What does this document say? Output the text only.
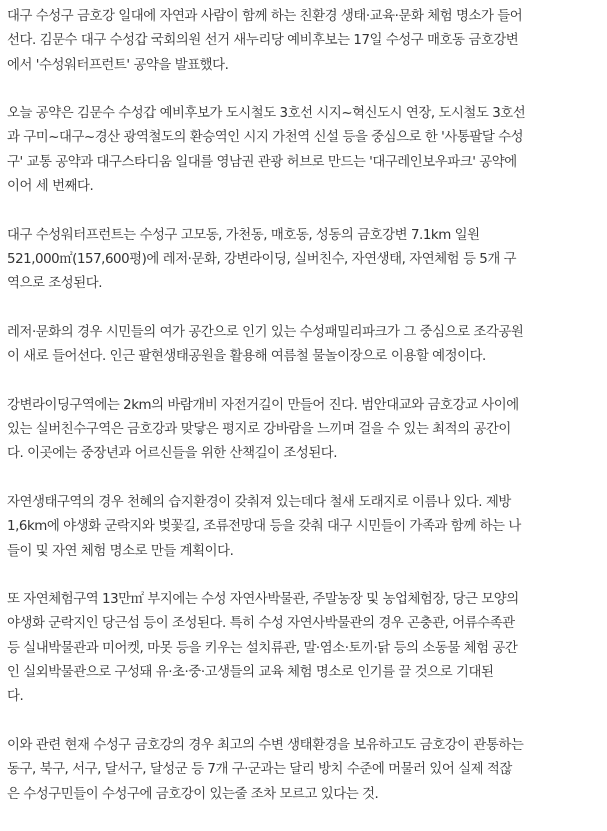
대구 수성구 금호강 일대에 자연과 사람이 함께 하는 친환경 생태·교육·문화 체험 명소가 들어
선다. 김문수 대구 수성갑 국회의원 선거 새누리당 예비후보는 17일 수성구 매호동 금호강변
에서 '수성워터프런트' 공약을 발표했다.

오늘 공약은 김문수 수성갑 예비후보가 도시철도 3호선 시지~혁신도시 연장, 도시철도 3호선
과 구미~대구~경산 광역철도의 환승역인 시지 가천역 신설 등을 중심으로 한 '사통팔달 수성
구' 교통 공약과 대구스타디움 일대를 영남권 관광 허브로 만드는 '대구레인보우파크' 공약에
이어 세 번째다.

대구 수성워터프런트는 수성구 고모동, 가천동, 매호동, 성동의 금호강변 7.1km 일원
521,000㎡(157,600평)에 레저·문화, 강변라이딩, 실버친수, 자연생태, 자연체험 등 5개 구
역으로 조성된다.

레저·문화의 경우 시민들의 여가 공간으로 인기 있는 수성패밀리파크가 그 중심으로 조각공원
이 새로 들어선다. 인근 팔현생태공원을 활용해 여름철 물놀이장으로 이용할 예정이다.

강변라이딩구역에는 2km의 바람개비 자전거길이 만들어 진다. 범안대교와 금호강교 사이에
있는 실버친수구역은 금호강과 맞닿은 평지로 강바람을 느끼며 걸을 수 있는 최적의 공간이
다. 이곳에는 중장년과 어르신들을 위한 산책길이 조성된다.

자연생태구역의 경우 천혜의 습지환경이 갖춰져 있는데다 철새 도래지로 이름나 있다. 제방
1,6km에 야생화 군락지와 벚꽃길, 조류전망대 등을 갖춰 대구 시민들이 가족과 함께 하는 나
들이 및 자연 체험 명소로 만들 계획이다.

또 자연체험구역 13만㎡ 부지에는 수성 자연사박물관, 주말농장 및 농업체험장, 당근 모양의
야생화 군락지인 당근섬 등이 조성된다. 특히 수성 자연사박물관의 경우 곤충관, 어류수족관
등 실내박물관과 미어켓, 마못 등을 키우는 설치류관, 말·염소·토끼·닭 등의 소동물 체험 공간
인 실외박물관으로 구성돼 유·초·중·고생들의 교육 체험 명소로 인기를 끌 것으로 기대된
다.

이와 관련 현재 수성구 금호강의 경우 최고의 수변 생태환경을 보유하고도 금호강이 관통하는
동구, 북구, 서구, 달서구, 달성군 등 7개 구·군과는 달리 방치 수준에 머물러 있어 실제 적잖
은 수성구민들이 수성구에 금호강이 있는줄 조차 모르고 있다는 것.
